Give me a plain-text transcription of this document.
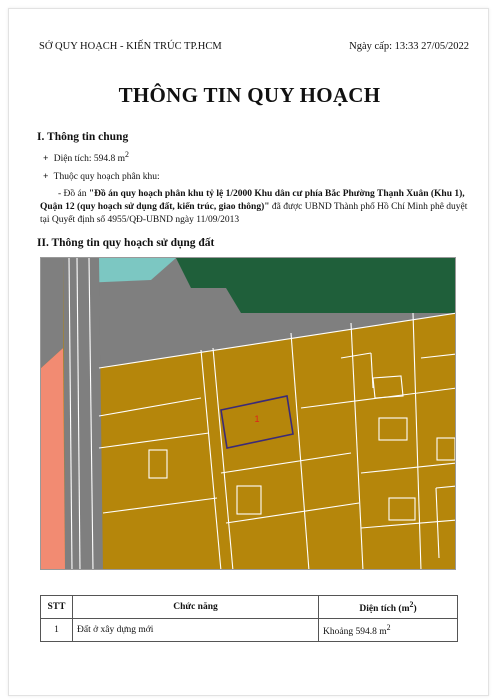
SỞ QUY HOẠCH - KIẾN TRÚC TP.HCM	Ngày cấp: 13:33 27/05/2022
THÔNG TIN QUY HOẠCH
I. Thông tin chung
+ Diện tích: 594.8 $m^2$
+ Thuộc quy hoạch phân khu:
- Đồ án "Đồ án quy hoạch phân khu tỷ lệ 1/2000 Khu dân cư phía Bắc Phường Thạnh Xuân (Khu 1), Quận 12 (quy hoạch sử dụng đất, kiến trúc, giao thông)" đã được UBND Thành phố Hồ Chí Minh phê duyệt tại Quyết định số 4955/QĐ-UBND ngày 11/09/2013
II. Thông tin quy hoạch sử dụng đất
1
STT	Chức năng	Diện tích $(m^2)$
1	Đất ở xây dựng mới	Khoảng 594.8 $m^2$
